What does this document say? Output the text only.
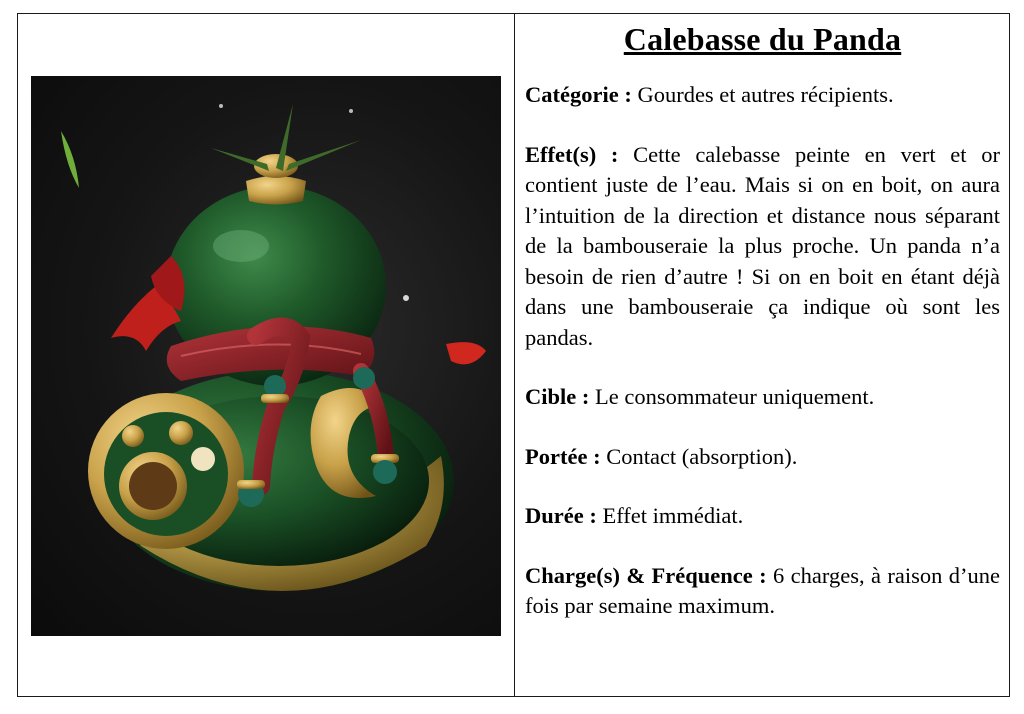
Calebasse du Panda

Catégorie : Gourdes et autres récipients.

Effet(s) : Cette calebasse peinte en vert et or contient juste de l’eau. Mais si on en boit, on aura l’intuition de la direction et distance nous séparant de la bambouseraie la plus proche. Un panda n’a besoin de rien d’autre ! Si on en boit en étant déjà dans une bambouseraie ça indique où sont les pandas.

Cible : Le consommateur uniquement.

Portée : Contact (absorption).

Durée : Effet immédiat.

Charge(s) & Fréquence : 6 charges, à raison d’une fois par semaine maximum.
